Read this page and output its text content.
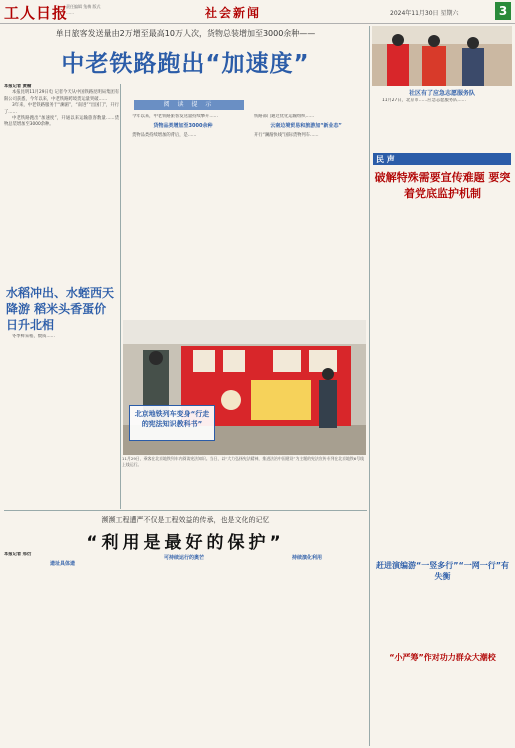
工人日报
责任编辑 兔梅 版式 ……	社会新闻	2024年11月30日 星期六	3
单日旅客发送量由2万增至最高10万人次，货物总装增加至3000余种——
中老铁路跑出“加速度”
本报记者 黄榆

本报昆明11月29日电 记者今天从中国铁路昆明局集团有限公司获悉，今年以来，中老铁路跨境货运量突破……

3年来，中老铁路服务于“澜湄”，“南进”“出国门”，开行了……

中老铁路跑出“加速度”，开通以来运输旅客数量……货物总装增加至3000余种。

阅 读 提 示

今年以来，中老铁路旅客发送量持续攀升……

货物品类增加至3000余种

货物品类持续增加的背后，是……

铁路部门通过优化运输组织……

云南边境贸易和旅游加“新业态”

开行“澜湄快线”国际货物列车……

水稻冲出、水蛭西天降游 稻米头香蛋价日升北相

冬季鲜采稻，数质……

北京地铁列车变身“行走的宪法知识教科书”
11月29日，乘客在北京地铁列车内阅读宪法知识。当日，以“大力弘扬宪法精神，推进法治中国建设”为主题的宪法宣传专列在北京地铁6号线上线运行。
濒濒工程遭严不仅是工程效益的传承，也是文化的记忆
“利用是最好的保护”
本报记者 邢衍
遗址具体遗
可持续运行的奥芒	持续演化利用
社区有了应急志愿服务队

11月27日，北京市……应急志愿服务队……

民 声
破解特殊需要宣传难题 要突着党底监护机制
赶进演编游“一竖多行”“一网一行”有失衡
“小严筹”作对功力群众大潮校
